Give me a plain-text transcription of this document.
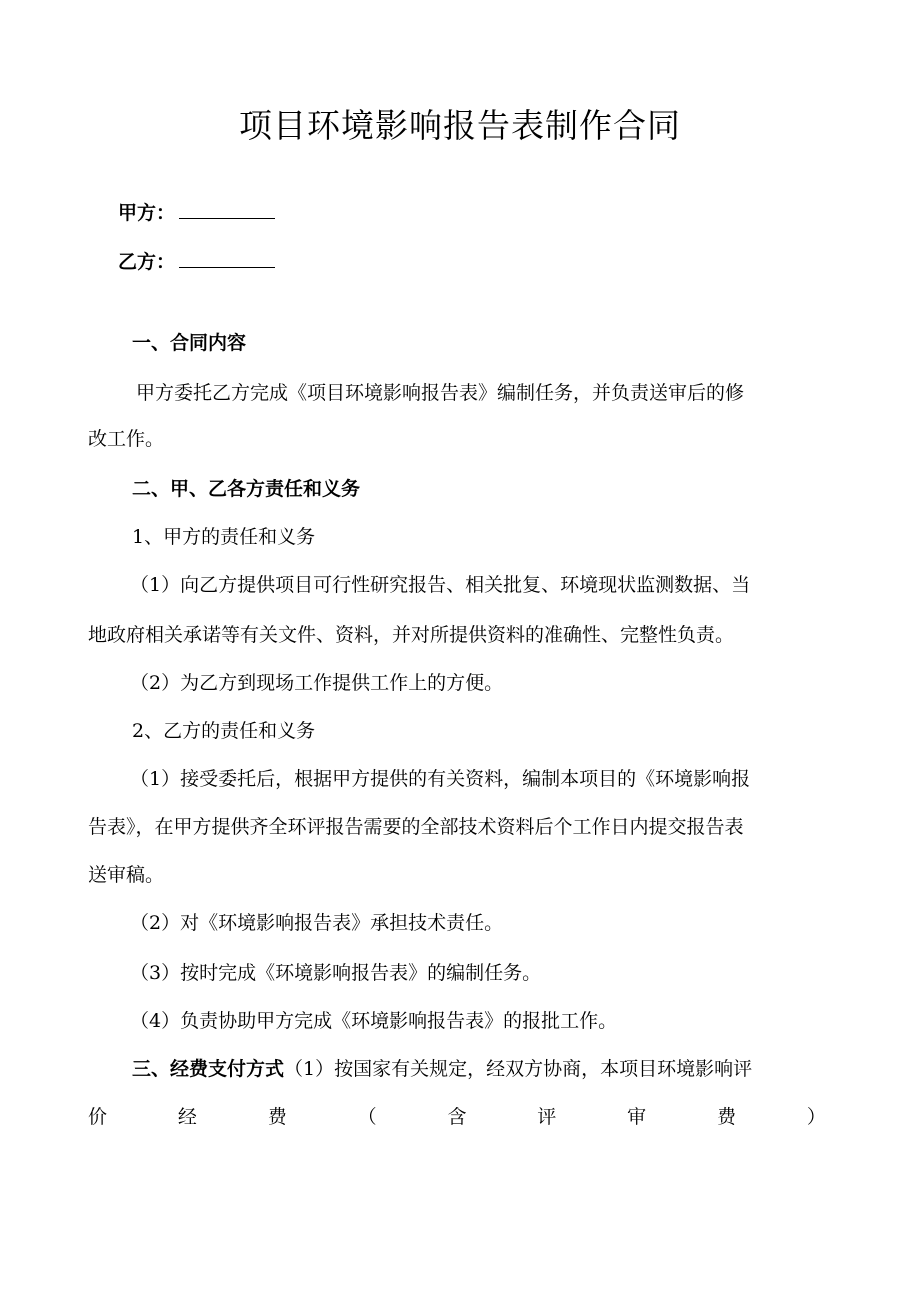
项目环境影响报告表制作合同
甲方：
乙方：
一、合同内容
甲方委托乙方完成《项目环境影响报告表》编制任务，并负责送审后的修
改工作。
二、甲、乙各方责任和义务
1、甲方的责任和义务
（1）向乙方提供项目可行性研究报告、相关批复、环境现状监测数据、当
地政府相关承诺等有关文件、资料，并对所提供资料的准确性、完整性负责。
（2）为乙方到现场工作提供工作上的方便。
2、乙方的责任和义务
（1）接受委托后，根据甲方提供的有关资料，编制本项目的《环境影响报
告表》，在甲方提供齐全环评报告需要的全部技术资料后个工作日内提交报告表
送审稿。
（2）对《环境影响报告表》承担技术责任。
（3）按时完成《环境影响报告表》的编制任务。
（4）负责协助甲方完成《环境影响报告表》的报批工作。
三、经费支付方式（1）按国家有关规定，经双方协商，本项目环境影响评
价	经	费	（	含	评	审	费	）
